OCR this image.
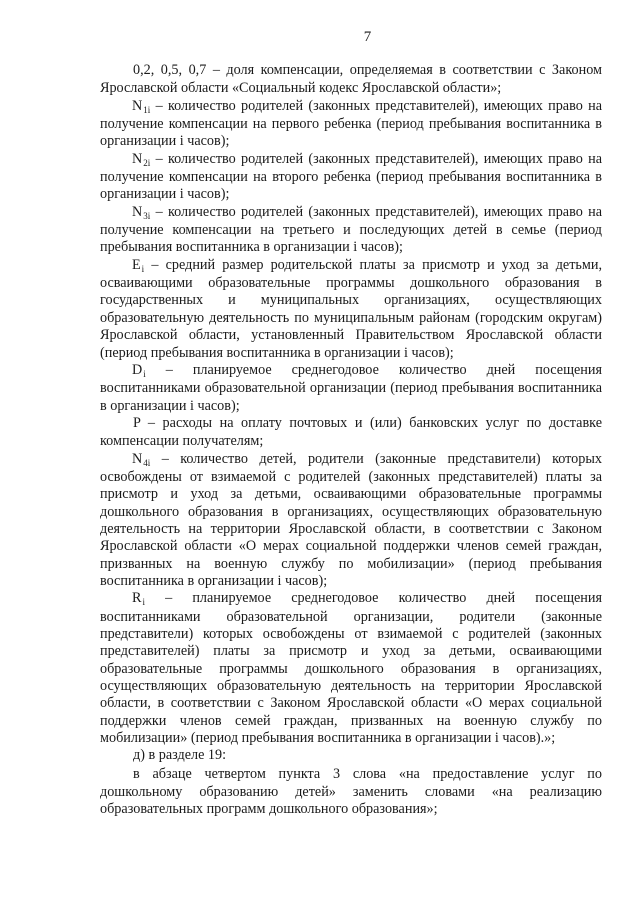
7

0,2, 0,5, 0,7 – доля компенсации, определяемая в соответствии с Законом Ярославской области «Социальный кодекс Ярославской области»;

$N_{1i}$ – количество родителей (законных представителей), имеющих право на получение компенсации на первого ребенка (период пребывания воспитанника в организации i часов);

$N_{2i}$ – количество родителей (законных представителей), имеющих право на получение компенсации на второго ребенка (период пребывания воспитанника в организации i часов);

$N_{3i}$ – количество родителей (законных представителей), имеющих право на получение компенсации на третьего и последующих детей в семье (период пребывания воспитанника в организации i часов);

$E_i$ – средний размер родительской платы за присмотр и уход за детьми, осваивающими образовательные программы дошкольного образования в государственных и муниципальных организациях, осуществляющих образовательную деятельность по муниципальным районам (городским округам) Ярославской области, установленный Правительством Ярославской области (период пребывания воспитанника в организации i часов);

$D_i$ – планируемое среднегодовое количество дней посещения воспитанниками образовательной организации (период пребывания воспитанника в организации i часов);

P – расходы на оплату почтовых и (или) банковских услуг по доставке компенсации получателям;

$N_{4i}$ – количество детей, родители (законные представители) которых освобождены от взимаемой с родителей (законных представителей) платы за присмотр и уход за детьми, осваивающими образовательные программы дошкольного образования в организациях, осуществляющих образовательную деятельность на территории Ярославской области, в соответствии с Законом Ярославской области «О мерах социальной поддержки членов семей граждан, призванных на военную службу по мобилизации» (период пребывания воспитанника в организации i часов);

$R_i$ – планируемое среднегодовое количество дней посещения воспитанниками образовательной организации, родители (законные представители) которых освобождены от взимаемой с родителей (законных представителей) платы за присмотр и уход за детьми, осваивающими образовательные программы дошкольного образования в организациях, осуществляющих образовательную деятельность на территории Ярославской области, в соответствии с Законом Ярославской области «О мерах социальной поддержки членов семей граждан, призванных на военную службу по мобилизации» (период пребывания воспитанника в организации i часов).»;

д) в разделе 19:

в абзаце четвертом пункта 3 слова «на предоставление услуг по дошкольному образованию детей» заменить словами «на реализацию образовательных программ дошкольного образования»;
